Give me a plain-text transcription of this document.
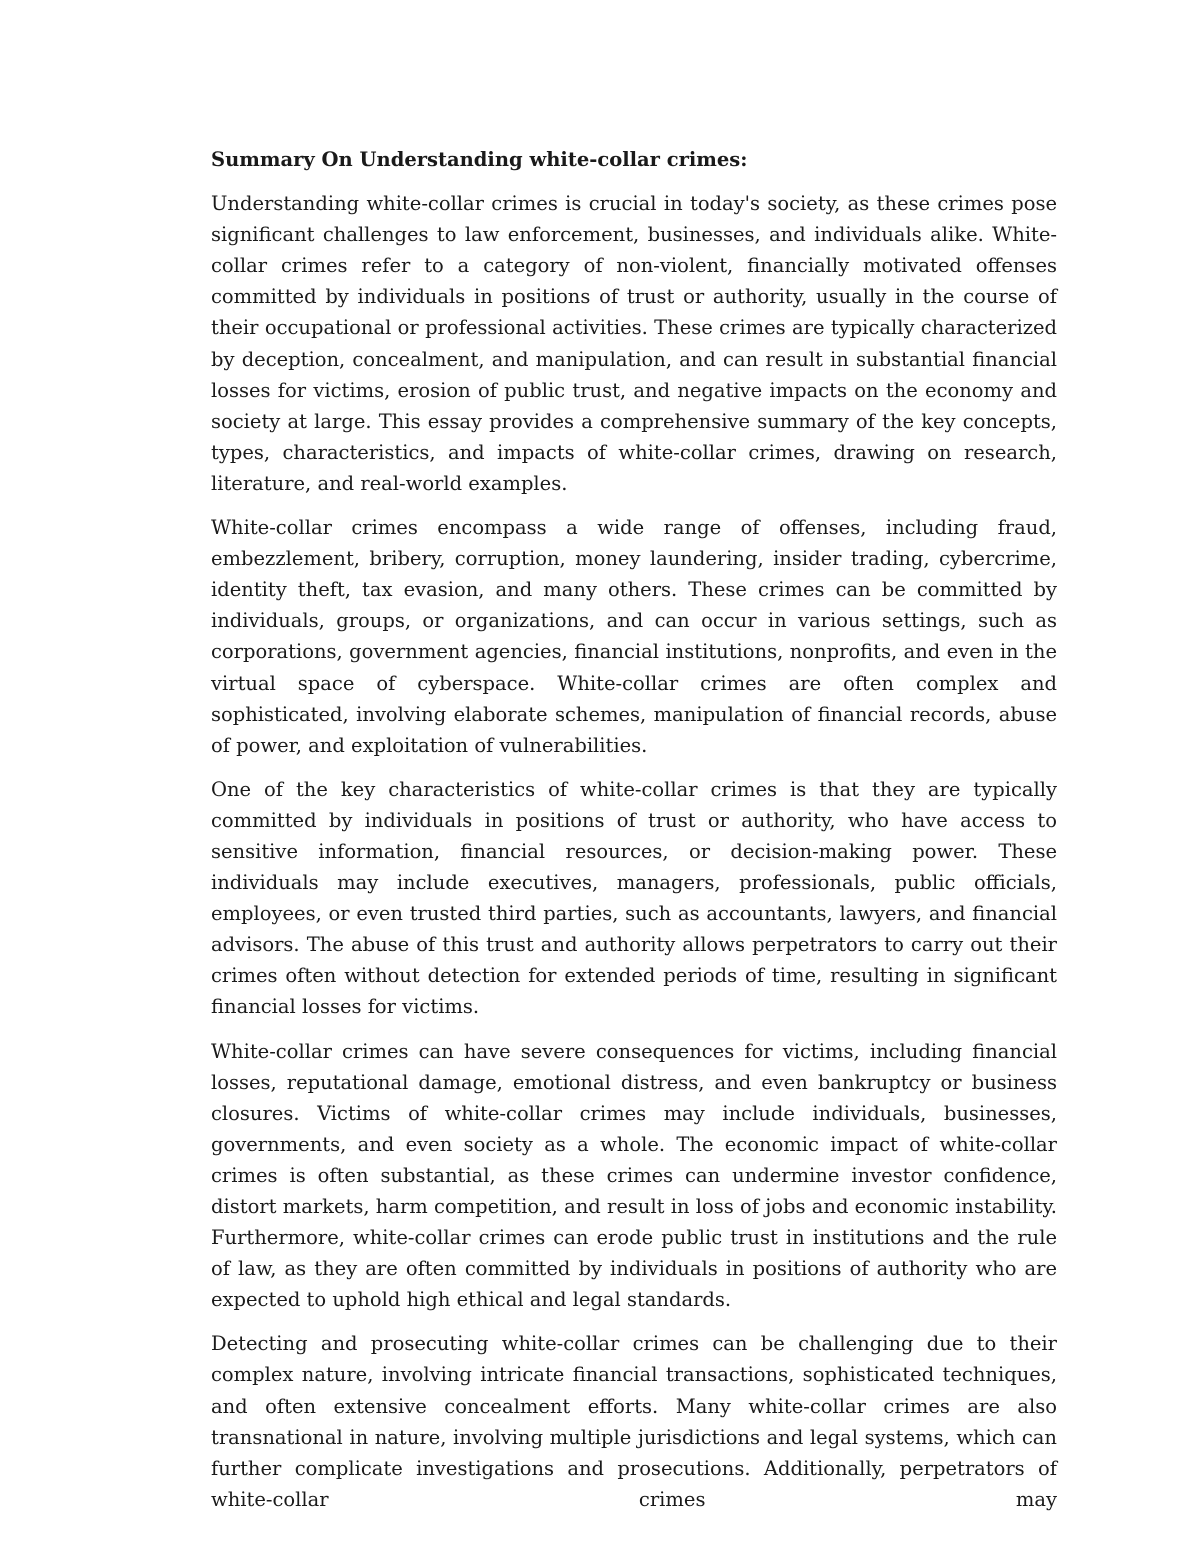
Summary On Understanding white-collar crimes:

Understanding white-collar crimes is crucial in today's society, as these crimes pose significant challenges to law enforcement, businesses, and individuals alike. White-collar crimes refer to a category of non-violent, financially motivated offenses committed by individuals in positions of trust or authority, usually in the course of their occupational or professional activities. These crimes are typically characterized by deception, concealment, and manipulation, and can result in substantial financial losses for victims, erosion of public trust, and negative impacts on the economy and society at large. This essay provides a comprehensive summary of the key concepts, types, characteristics, and impacts of white-collar crimes, drawing on research, literature, and real-world examples.

White-collar crimes encompass a wide range of offenses, including fraud, embezzlement, bribery, corruption, money laundering, insider trading, cybercrime, identity theft, tax evasion, and many others. These crimes can be committed by individuals, groups, or organizations, and can occur in various settings, such as corporations, government agencies, financial institutions, nonprofits, and even in the virtual space of cyberspace. White-collar crimes are often complex and sophisticated, involving elaborate schemes, manipulation of financial records, abuse of power, and exploitation of vulnerabilities.

One of the key characteristics of white-collar crimes is that they are typically committed by individuals in positions of trust or authority, who have access to sensitive information, financial resources, or decision-making power. These individuals may include executives, managers, professionals, public officials, employees, or even trusted third parties, such as accountants, lawyers, and financial advisors. The abuse of this trust and authority allows perpetrators to carry out their crimes often without detection for extended periods of time, resulting in significant financial losses for victims.

White-collar crimes can have severe consequences for victims, including financial losses, reputational damage, emotional distress, and even bankruptcy or business closures. Victims of white-collar crimes may include individuals, businesses, governments, and even society as a whole. The economic impact of white-collar crimes is often substantial, as these crimes can undermine investor confidence, distort markets, harm competition, and result in loss of jobs and economic instability. Furthermore, white-collar crimes can erode public trust in institutions and the rule of law, as they are often committed by individuals in positions of authority who are expected to uphold high ethical and legal standards.

Detecting and prosecuting white-collar crimes can be challenging due to their complex nature, involving intricate financial transactions, sophisticated techniques, and often extensive concealment efforts. Many white-collar crimes are also transnational in nature, involving multiple jurisdictions and legal systems, which can further complicate investigations and prosecutions. Additionally, perpetrators of white-collar crimes may
